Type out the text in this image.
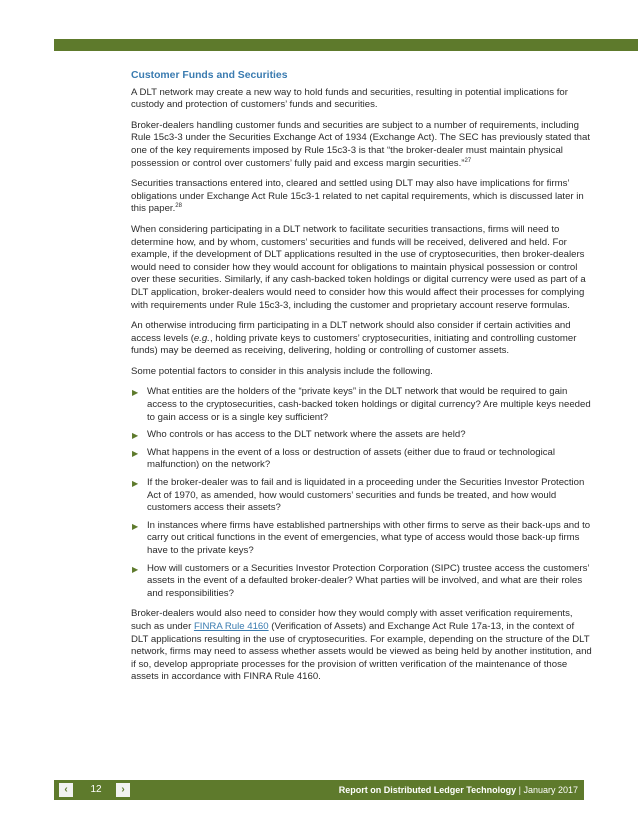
Customer Funds and Securities

A DLT network may create a new way to hold funds and securities, resulting in potential implications for custody and protection of customers’ funds and securities.

Broker-dealers handling customer funds and securities are subject to a number of requirements, including Rule 15c3-3 under the Securities Exchange Act of 1934 (Exchange Act). The SEC has previously stated that one of the key requirements imposed by Rule 15c3-3 is that “the broker-dealer must maintain physical possession or control over customers’ fully paid and excess margin securities.”$^{27}$

Securities transactions entered into, cleared and settled using DLT may also have implications for firms’ obligations under Exchange Act Rule 15c3-1 related to net capital requirements, which is discussed later in this paper.$^{28}$

When considering participating in a DLT network to facilitate securities transactions, firms will need to determine how, and by whom, customers’ securities and funds will be received, delivered and held. For example, if the development of DLT applications resulted in the use of cryptosecurities, then broker-dealers would need to consider how they would account for obligations to maintain physical possession or control over these securities. Similarly, if any cash-backed token holdings or digital currency were used as part of a DLT application, broker-dealers would need to consider how this would affect their processes for complying with requirements under Rule 15c3-3, including the customer and proprietary account reserve formulas.

An otherwise introducing firm participating in a DLT network should also consider if certain activities and access levels (e.g., holding private keys to customers’ cryptosecurities, initiating and controlling customer funds) may be deemed as receiving, delivering, holding or controlling of customer assets.

Some potential factors to consider in this analysis include the following.

▶ What entities are the holders of the “private keys” in the DLT network that would be required to gain access to the cryptosecurities, cash-backed token holdings or digital currency? Are multiple keys needed to gain access or is a single key sufficient?
▶ Who controls or has access to the DLT network where the assets are held?
▶ What happens in the event of a loss or destruction of assets (either due to fraud or technological malfunction) on the network?
▶ If the broker-dealer was to fail and is liquidated in a proceeding under the Securities Investor Protection Act of 1970, as amended, how would customers’ securities and funds be treated, and how would customers access their assets?
▶ In instances where firms have established partnerships with other firms to serve as their back-ups and to carry out critical functions in the event of emergencies, what type of access would those back-up firms have to the private keys?
▶ How will customers or a Securities Investor Protection Corporation (SIPC) trustee access the customers’ assets in the event of a defaulted broker-dealer? What parties will be involved, and what are their roles and responsibilities?

Broker-dealers would also need to consider how they would comply with asset verification requirements, such as under FINRA Rule 4160 (Verification of Assets) and Exchange Act Rule 17a-13, in the context of DLT applications resulting in the use of cryptosecurities. For example, depending on the structure of the DLT network, firms may need to assess whether assets would be viewed as being held by another institution, and if so, develop appropriate processes for the provision of written verification of the maintenance of those assets in accordance with FINRA Rule 4160.

‹	12	›	Report on Distributed Ledger Technology | January 2017
